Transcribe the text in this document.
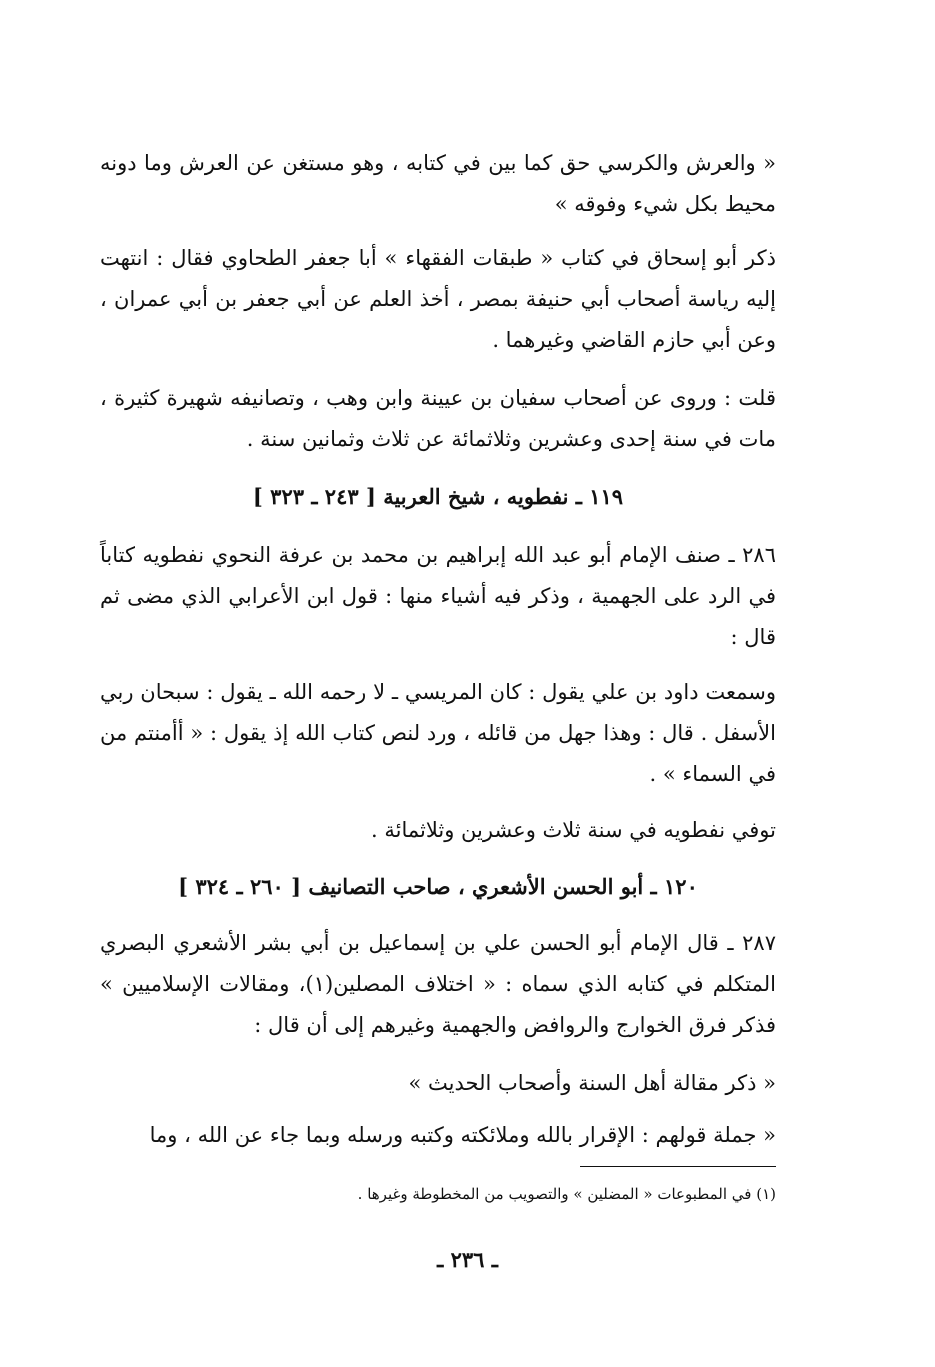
« والعرش والكرسي حق كما بين في كتابه ، وهو مستغن عن العرش وما دونه محيط بكل شيء وفوقه »

ذكر أبو إسحاق في كتاب « طبقات الفقهاء » أبا جعفر الطحاوي فقال : انتهت إليه رياسة أصحاب أبي حنيفة بمصر ، أخذ العلم عن أبي جعفر بن أبي عمران ، وعن أبي حازم القاضي وغيرهما .

قلت : وروى عن أصحاب سفيان بن عيينة وابن وهب ، وتصانيفه شهيرة كثيرة ، مات في سنة إحدى وعشرين وثلاثمائة عن ثلاث وثمانين سنة .

١١٩ ـ نفطويه ، شيخ العربية [ ٢٤٣ ـ ٣٢٣ ]

٢٨٦ ـ صنف الإمام أبو عبد الله إبراهيم بن محمد بن عرفة النحوي نفطويه كتاباً في الرد على الجهمية ، وذكر فيه أشياء منها : قول ابن الأعرابي الذي مضى ثم قال :

وسمعت داود بن علي يقول : كان المريسي ـ لا رحمه الله ـ يقول : سبحان ربي الأسفل . قال : وهذا جهل من قائله ، ورد لنص كتاب الله إذ يقول : « أأمنتم من في السماء » .

توفي نفطويه في سنة ثلاث وعشرين وثلاثمائة .

١٢٠ ـ أبو الحسن الأشعري ، صاحب التصانيف [ ٢٦٠ ـ ٣٢٤ ]

٢٨٧ ـ قال الإمام أبو الحسن علي بن إسماعيل بن أبي بشر الأشعري البصري المتكلم في كتابه الذي سماه : « اختلاف المصلين(١)، ومقالات الإسلاميين » فذكر فرق الخوارج والروافض والجهمية وغيرهم إلى أن قال :

« ذكر مقالة أهل السنة وأصحاب الحديث »

« جملة قولهم : الإقرار بالله وملائكته وكتبه ورسله وبما جاء عن الله ، وما

(١) في المطبوعات « المضلين » والتصويب من المخطوطة وغيرها .

ـ ٢٣٦ ـ
